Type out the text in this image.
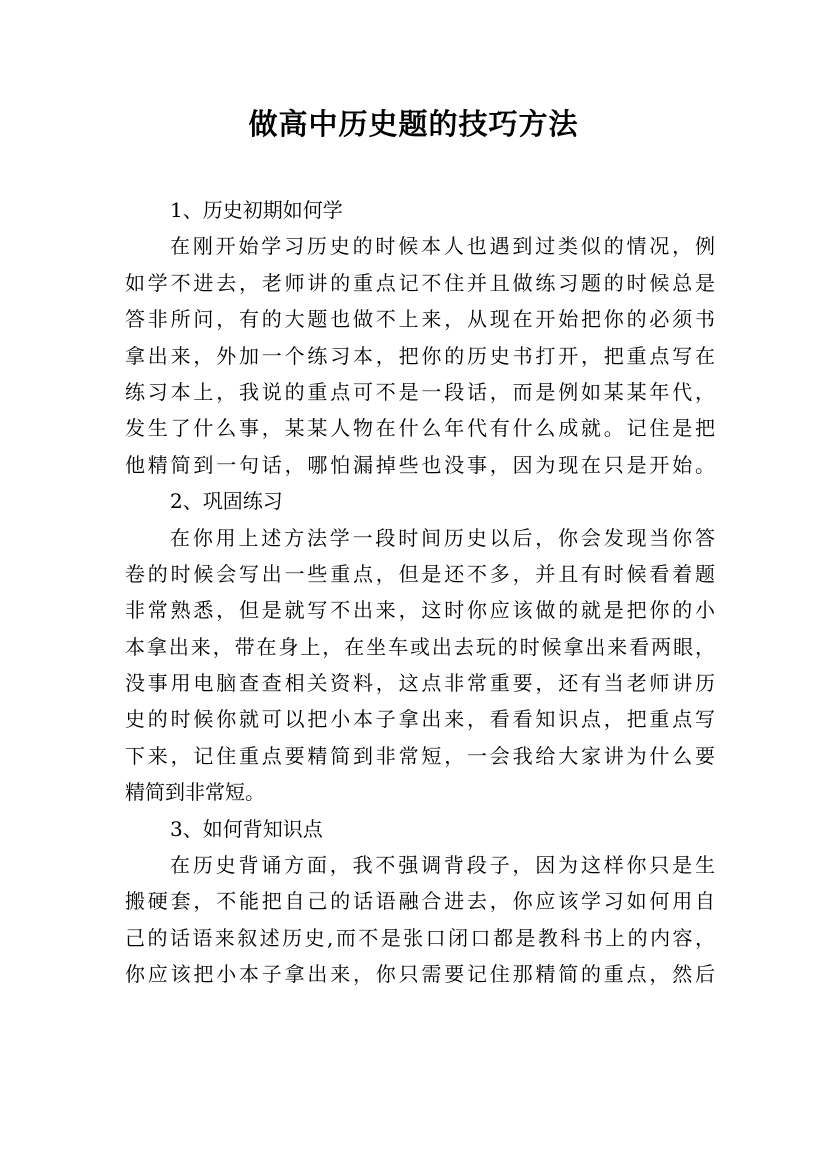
做高中历史题的技巧方法
1、历史初期如何学
在刚开始学习历史的时候本人也遇到过类似的情况，例
如学不进去，老师讲的重点记不住并且做练习题的时候总是
答非所问，有的大题也做不上来，从现在开始把你的必须书
拿出来，外加一个练习本，把你的历史书打开，把重点写在
练习本上，我说的重点可不是一段话，而是例如某某年代，
发生了什么事，某某人物在什么年代有什么成就。记住是把
他精简到一句话，哪怕漏掉些也没事，因为现在只是开始。
2、巩固练习
在你用上述方法学一段时间历史以后，你会发现当你答
卷的时候会写出一些重点，但是还不多，并且有时候看着题
非常熟悉，但是就写不出来，这时你应该做的就是把你的小
本拿出来，带在身上，在坐车或出去玩的时候拿出来看两眼，
没事用电脑查查相关资料，这点非常重要，还有当老师讲历
史的时候你就可以把小本子拿出来，看看知识点，把重点写
下来，记住重点要精简到非常短，一会我给大家讲为什么要
精简到非常短。
3、如何背知识点
在历史背诵方面，我不强调背段子，因为这样你只是生
搬硬套，不能把自己的话语融合进去，你应该学习如何用自
己的话语来叙述历史,而不是张口闭口都是教科书上的内容，
你应该把小本子拿出来，你只需要记住那精简的重点，然后
